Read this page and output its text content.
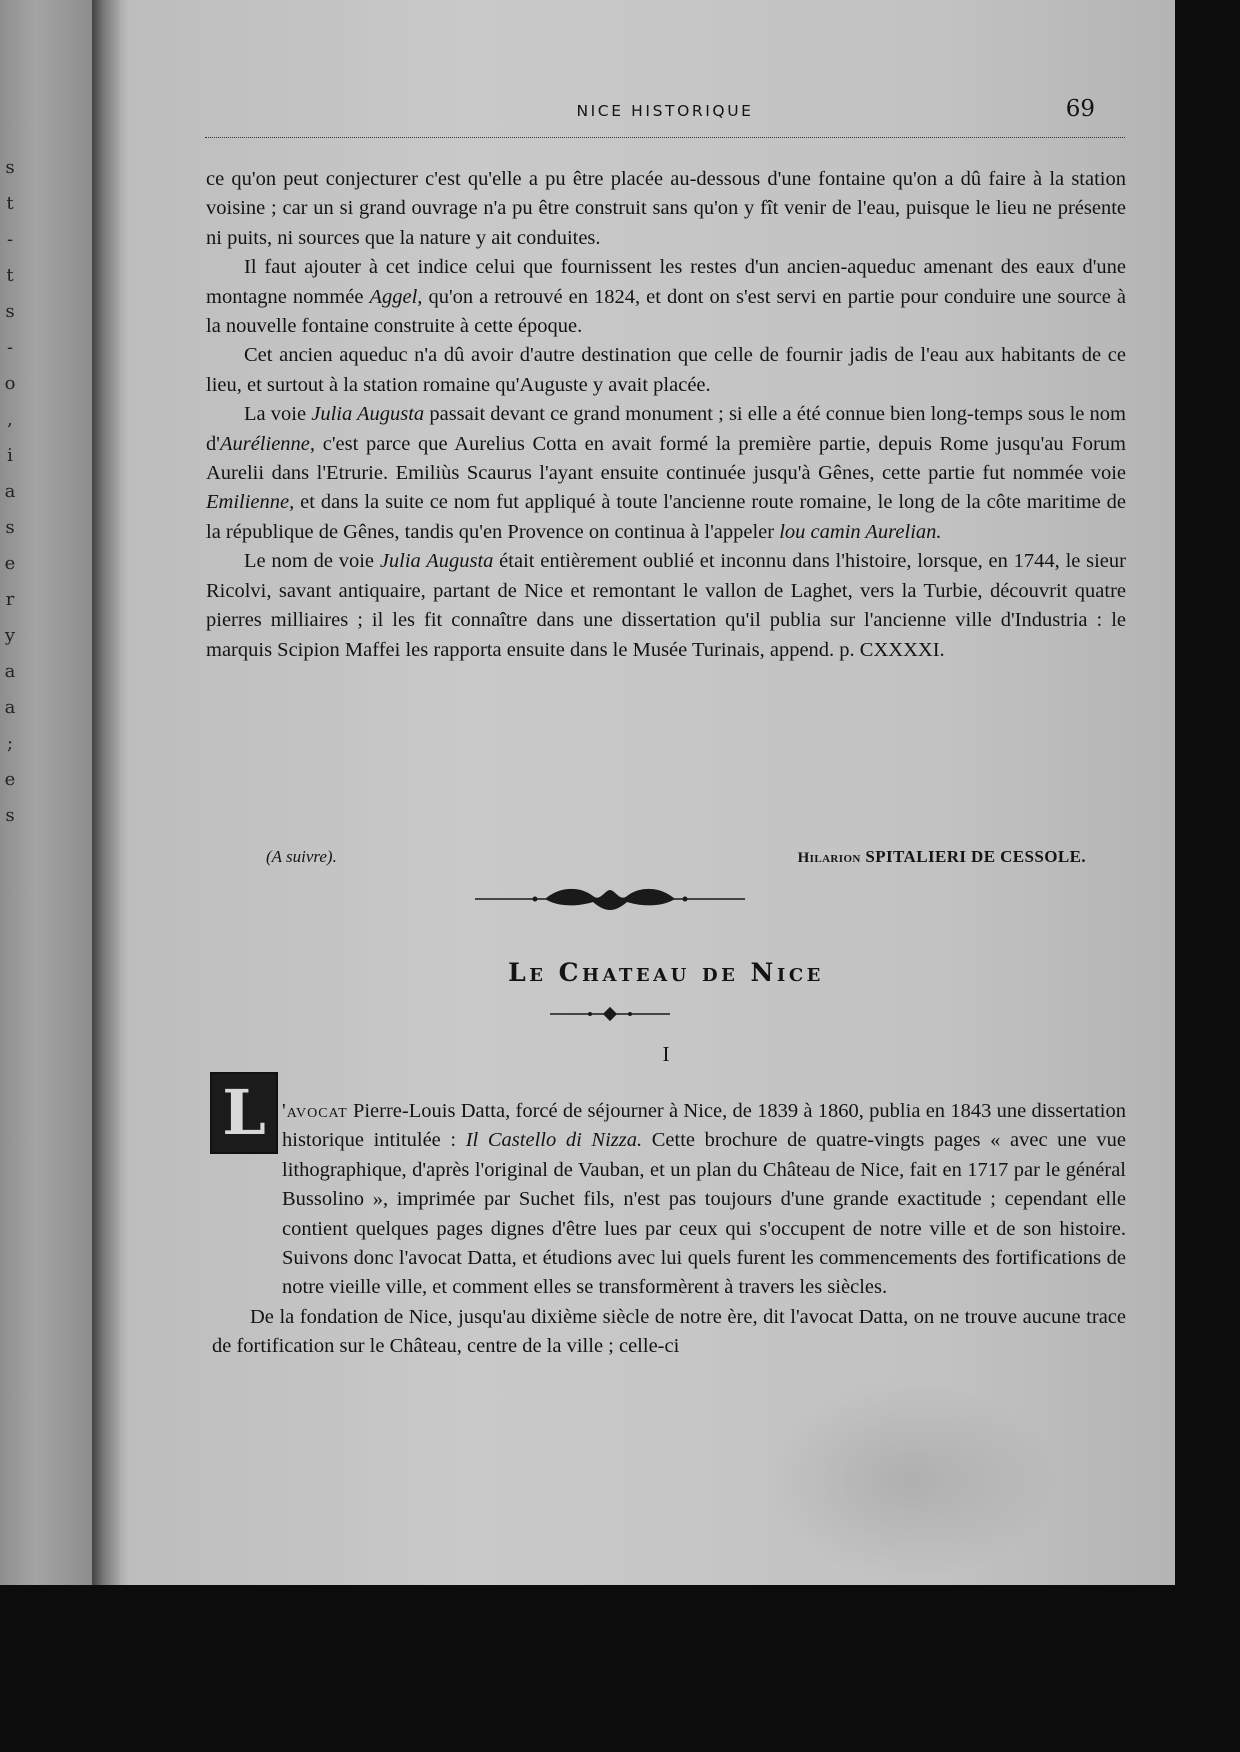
s
t
-
t
s
-
o
,
i
a
s
e
r
y
a
a
;
e
s
NICE HISTORIQUE	69

ce qu'on peut conjecturer c'est qu'elle a pu être placée au-dessous d'une fontaine qu'on a dû faire à la station voisine ; car un si grand ouvrage n'a pu être construit sans qu'on y fît venir de l'eau, puisque le lieu ne présente ni puits, ni sources que la nature y ait conduites.

Il faut ajouter à cet indice celui que fournissent les restes d'un ancien-aqueduc amenant des eaux d'une montagne nommée Aggel, qu'on a retrouvé en 1824, et dont on s'est servi en partie pour conduire une source à la nouvelle fontaine construite à cette époque.

Cet ancien aqueduc n'a dû avoir d'autre destination que celle de fournir jadis de l'eau aux habitants de ce lieu, et surtout à la station romaine qu'Auguste y avait placée.

La voie Julia Augusta passait devant ce grand monument ; si elle a été connue bien long-temps sous le nom d'Aurélienne, c'est parce que Aurelius Cotta en avait formé la première partie, depuis Rome jusqu'au Forum Aurelii dans l'Etrurie. Emiliùs Scaurus l'ayant ensuite continuée jusqu'à Gênes, cette partie fut nommée voie Emilienne, et dans la suite ce nom fut appliqué à toute l'ancienne route romaine, le long de la côte maritime de la république de Gênes, tandis qu'en Provence on continua à l'appeler lou camin Aurelian.

Le nom de voie Julia Augusta était entièrement oublié et inconnu dans l'histoire, lorsque, en 1744, le sieur Ricolvi, savant antiquaire, partant de Nice et remontant le vallon de Laghet, vers la Turbie, découvrit quatre pierres milliaires ; il les fit connaître dans une dissertation qu'il publia sur l'ancienne ville d'Industria : le marquis Scipion Maffei les rapporta ensuite dans le Musée Turinais, append. p. CXXXXI.

(A suivre).	Hilarion SPITALIERI DE CESSOLE.
Le Chateau de Nice
I
L 'avocat Pierre-Louis Datta, forcé de séjourner à Nice, de 1839 à 1860, publia en 1843 une dissertation historique intitulée : Il Castello di Nizza. Cette brochure de quatre-vingts pages « avec une vue lithographique, d'après l'original de Vauban, et un plan du Château de Nice, fait en 1717 par le général Bussolino », imprimée par Suchet fils, n'est pas toujours d'une grande exactitude ; cependant elle contient quelques pages dignes d'être lues par ceux qui s'occupent de notre ville et de son histoire. Suivons donc l'avocat Datta, et étudions avec lui quels furent les commencements des fortifications de notre vieille ville, et comment elles se transformèrent à travers les siècles.

De la fondation de Nice, jusqu'au dixième siècle de notre ère, dit l'avocat Datta, on ne trouve aucune trace de fortification sur le Château, centre de la ville ; celle-ci
